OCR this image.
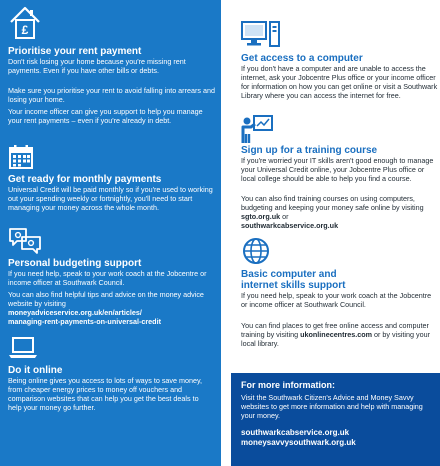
£
Prioritise your rent payment
Don't risk losing your home because you're missing rent payments. Even if you have other bills or debts.
Make sure you prioritise your rent to avoid falling into arrears and losing your home.
Your income officer can give you support to help you manage your rent payments – even if you're already in debt.
Get ready for monthly payments
Universal Credit will be paid monthly so if you're used to working out your spending weekly or fortnightly, you'll need to start managing your money across the whole month.
Personal budgeting support
If you need help, speak to your work coach at the Jobcentre or income officer at Southwark Council.
You can also find helpful tips and advice on the money advice website by visiting
moneyadviceservice.org.uk/en/articles/
managing-rent-payments-on-universal-credit
Do it online
Being online gives you access to lots of ways to save money, from cheaper energy prices to money off vouchers and comparison websites that can help you get the best deals to help your money go further.
Get access to a computer
If you don't have a computer and are unable to access the internet, ask your Jobcentre Plus office or your income officer for information on how you can get online or visit a Southwark Library where you can access the internet for free.
Sign up for a training course
If you're worried your IT skills aren't good enough to manage your Universal Credit online, your Jobcentre Plus office or local college should be able to help you find a course.
You can also find training courses on using computers, budgeting and keeping your money safe online by visiting sgto.org.uk or
southwarkcabservice.org.uk
Basic computer and
internet skills support
If you need help, speak to your work coach at the Jobcentre or income officer at Southwark Council.
You can find places to get free online access and computer training by visiting ukonlinecentres.com or by visiting your local library.
For more information:
Visit the Southwark Citizen's Advice and Money Savvy websites to get more information and help with managing your money.
southwarkcabservice.org.uk
moneysavvysouthwark.org.uk
